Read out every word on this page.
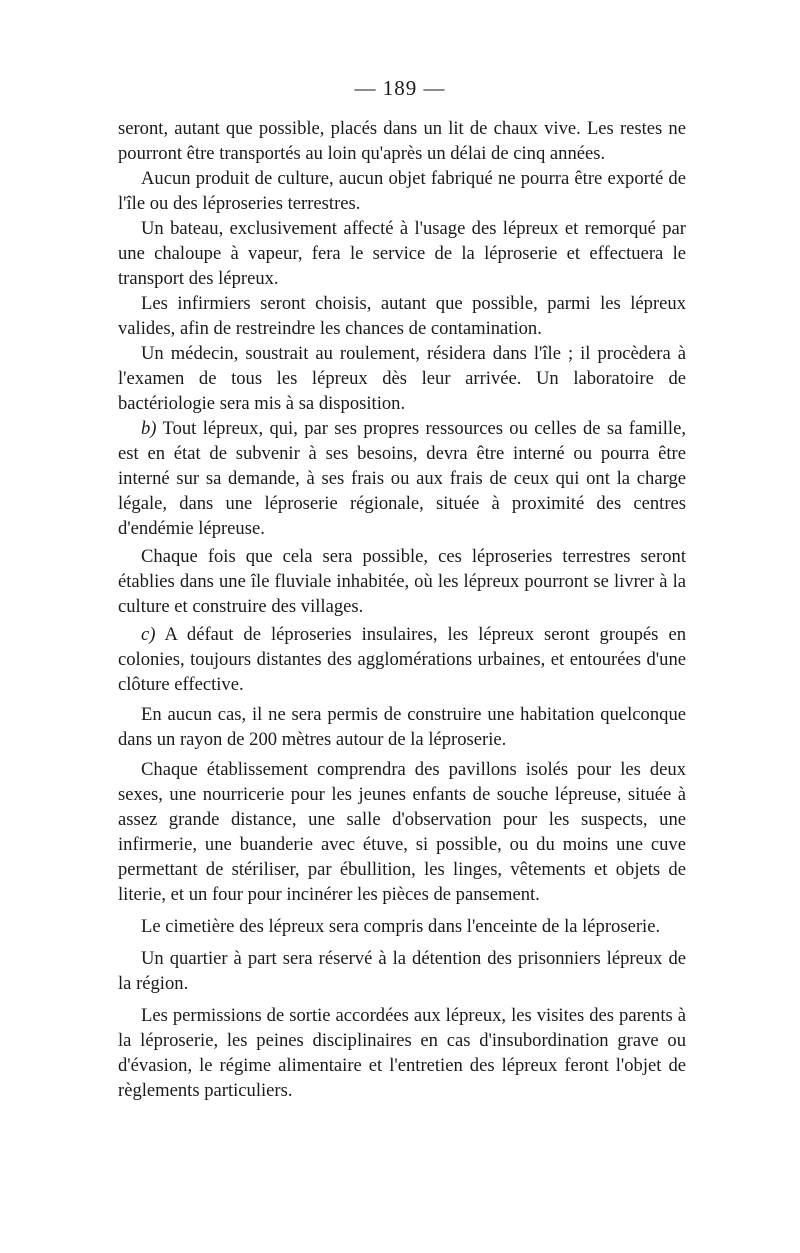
— 189 —

seront, autant que possible, placés dans un lit de chaux vive. Les restes ne pourront être transportés au loin qu'après un délai de cinq années.

Aucun produit de culture, aucun objet fabriqué ne pourra être exporté de l'île ou des léproseries terrestres.

Un bateau, exclusivement affecté à l'usage des lépreux et remorqué par une chaloupe à vapeur, fera le service de la léproserie et effectuera le transport des lépreux.

Les infirmiers seront choisis, autant que possible, parmi les lépreux valides, afin de restreindre les chances de contamination.

Un médecin, soustrait au roulement, résidera dans l'île ; il procèdera à l'examen de tous les lépreux dès leur arrivée. Un laboratoire de bactériologie sera mis à sa disposition.

b) Tout lépreux, qui, par ses propres ressources ou celles de sa famille, est en état de subvenir à ses besoins, devra être interné ou pourra être interné sur sa demande, à ses frais ou aux frais de ceux qui ont la charge légale, dans une léproserie régionale, située à proximité des centres d'endémie lépreuse.

Chaque fois que cela sera possible, ces léproseries terrestres seront établies dans une île fluviale inhabitée, où les lépreux pourront se livrer à la culture et construire des villages.

c) A défaut de léproseries insulaires, les lépreux seront groupés en colonies, toujours distantes des agglomérations urbaines, et entourées d'une clôture effective.

En aucun cas, il ne sera permis de construire une habitation quelconque dans un rayon de 200 mètres autour de la léproserie.

Chaque établissement comprendra des pavillons isolés pour les deux sexes, une nourricerie pour les jeunes enfants de souche lépreuse, située à assez grande distance, une salle d'observation pour les suspects, une infirmerie, une buanderie avec étuve, si possible, ou du moins une cuve permettant de stériliser, par ébullition, les linges, vêtements et objets de literie, et un four pour incinérer les pièces de pansement.

Le cimetière des lépreux sera compris dans l'enceinte de la léproserie.

Un quartier à part sera réservé à la détention des prisonniers lépreux de la région.

Les permissions de sortie accordées aux lépreux, les visites des parents à la léproserie, les peines disciplinaires en cas d'insubordination grave ou d'évasion, le régime alimentaire et l'entretien des lépreux feront l'objet de règlements particuliers.
